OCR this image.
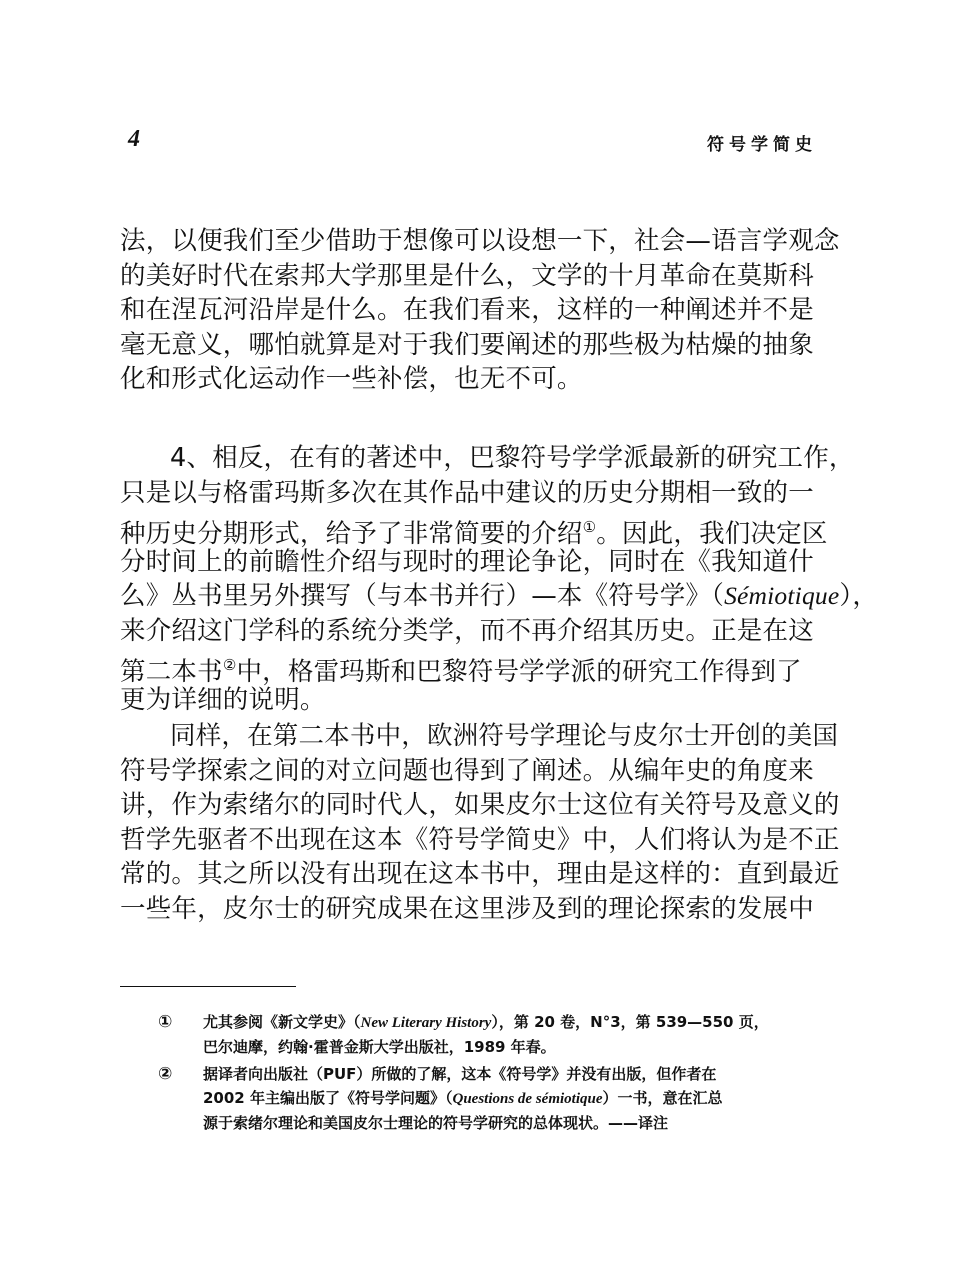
4	符号学简史
法，以便我们至少借助于想像可以设想一下，社会—语言学观念
的美好时代在索邦大学那里是什么，文学的十月革命在莫斯科
和在涅瓦河沿岸是什么。在我们看来，这样的一种阐述并不是
毫无意义，哪怕就算是对于我们要阐述的那些极为枯燥的抽象
化和形式化运动作一些补偿，也无不可。
4、相反，在有的著述中，巴黎符号学学派最新的研究工作，
只是以与格雷玛斯多次在其作品中建议的历史分期相一致的一
种历史分期形式，给予了非常简要的介绍①。因此，我们决定区
分时间上的前瞻性介绍与现时的理论争论，同时在《我知道什
么》丛书里另外撰写（与本书并行）—本《符号学》（Sémiotique），
来介绍这门学科的系统分类学，而不再介绍其历史。正是在这
第二本书②中，格雷玛斯和巴黎符号学学派的研究工作得到了
更为详细的说明。
同样，在第二本书中，欧洲符号学理论与皮尔士开创的美国
符号学探索之间的对立问题也得到了阐述。从编年史的角度来
讲，作为索绪尔的同时代人，如果皮尔士这位有关符号及意义的
哲学先驱者不出现在这本《符号学简史》中，人们将认为是不正
常的。其之所以没有出现在这本书中，理由是这样的：直到最近
一些年，皮尔士的研究成果在这里涉及到的理论探索的发展中
① 尤其参阅《新文学史》（New Literary History），第 20 卷，N°3，第 539—550 页，
巴尔迪摩，约翰·霍普金斯大学出版社，1989 年春。
② 据译者向出版社（PUF）所做的了解，这本《符号学》并没有出版，但作者在
2002 年主编出版了《符号学问题》（Questions de sémiotique）一书，意在汇总
源于索绪尔理论和美国皮尔士理论的符号学研究的总体现状。——译注
